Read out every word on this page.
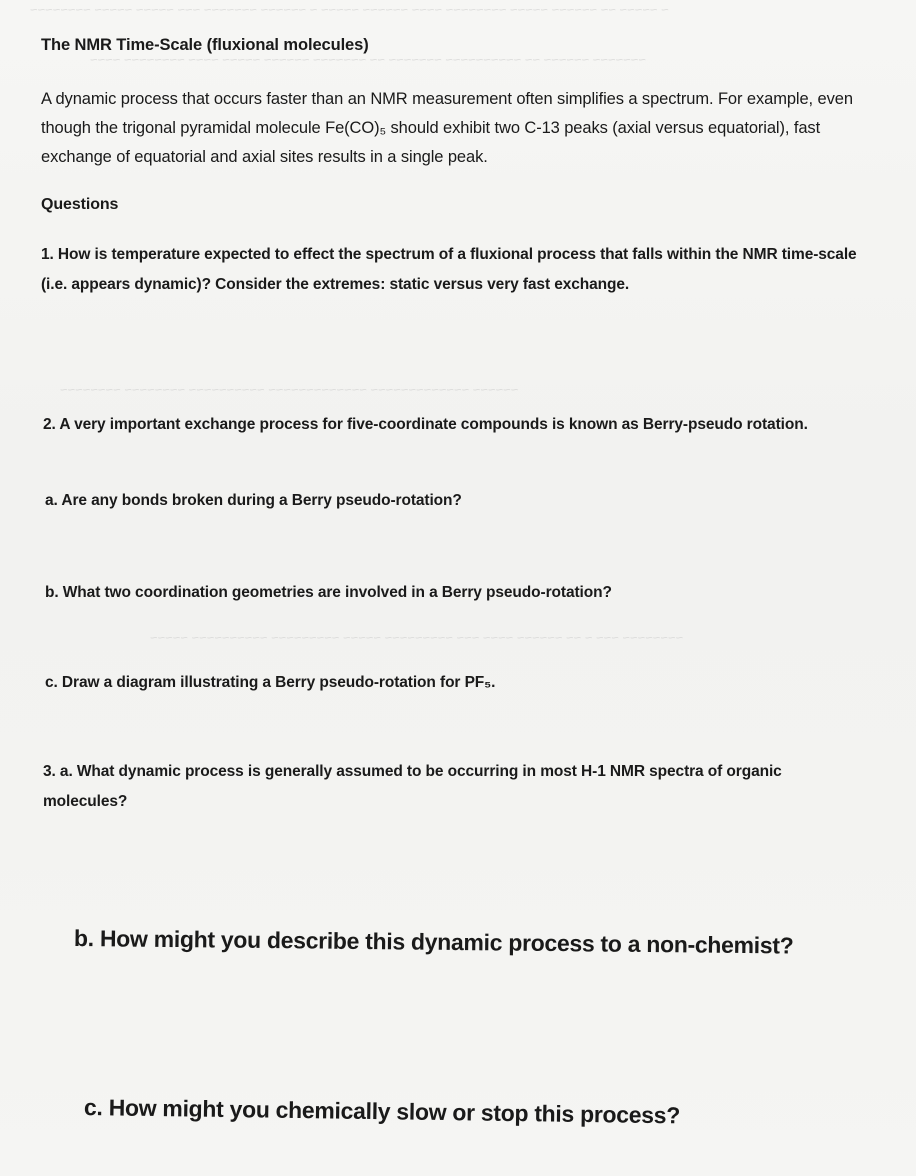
~ ~~~~~ ~~ ~~~~~~ ~~~~~ ~~~~~~~~ ~~~~ ~~~~~~ ~~~~~ ~ ~~~~~~ ~~~~~~~ ~~~ ~~~~~ ~~~~~ ~~~~~~~~
~~~~~~~ ~~~~~~ ~~ ~~~~~~~~~~ ~~~~~~~ ~~ ~~~~~~~ ~~~~~~ ~~~~~ ~~~~ ~~~~~~~~ ~~~~
~~~~~~ ~~~~~~~~~~~~~ ~~~~~~~~~~~~~ ~~~~~~~~~~ ~~~~~~~~ ~~~~~~~~
~~~~~~~~ ~~~ ~ ~~ ~~~~~~ ~~~~ ~~~ ~~~~~~~~~ ~~~~~ ~~~~~~~~~ ~~~~~~~~~~ ~~~~~
The NMR Time-Scale (fluxional molecules)
A dynamic process that occurs faster than an NMR measurement often simplifies a spectrum. For example, even though the trigonal pyramidal molecule Fe(CO)₅ should exhibit two C-13 peaks (axial versus equatorial), fast exchange of equatorial and axial sites results in a single peak.
Questions
1. How is temperature expected to effect the spectrum of a fluxional process that falls within the NMR time-scale (i.e. appears dynamic)? Consider the extremes: static versus very fast exchange.
2. A very important exchange process for five-coordinate compounds is known as Berry-pseudo rotation.
a. Are any bonds broken during a Berry pseudo-rotation?
b. What two coordination geometries are involved in a Berry pseudo-rotation?
c. Draw a diagram illustrating a Berry pseudo-rotation for PF₅.
3. a. What dynamic process is generally assumed to be occurring in most H-1 NMR spectra of organic molecules?
b. How might you describe this dynamic process to a non-chemist?
c. How might you chemically slow or stop this process?
